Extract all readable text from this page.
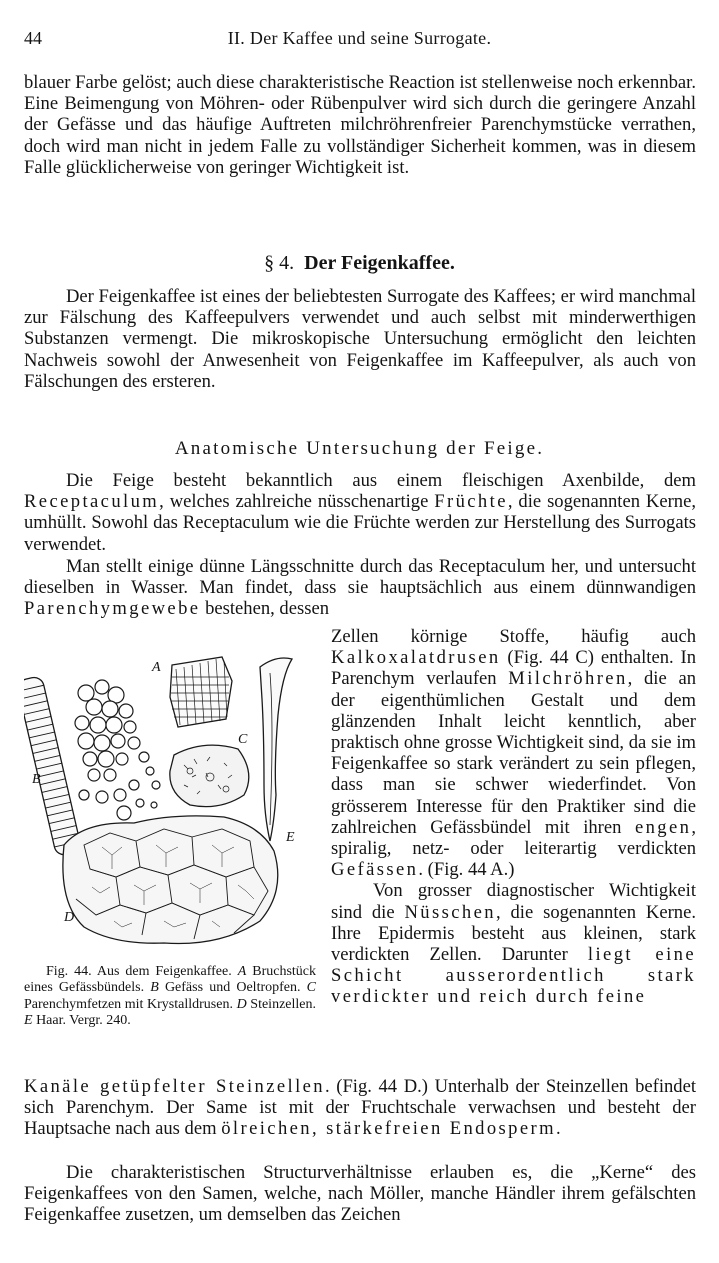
44	II. Der Kaffee und seine Surrogate.

blauer Farbe gelöst; auch diese charakteristische Reaction ist stellenweise noch erkennbar. Eine Beimengung von Möhren- oder Rübenpulver wird sich durch die geringere Anzahl der Gefässe und das häufige Auftreten milchröhrenfreier Parenchymstücke verrathen, doch wird man nicht in jedem Falle zu vollständiger Sicherheit kommen, was in diesem Falle glücklicherweise von geringer Wichtigkeit ist.

§ 4. Der Feigenkaffee.

Der Feigenkaffee ist eines der beliebtesten Surrogate des Kaffees; er wird manchmal zur Fälschung des Kaffeepulvers verwendet und auch selbst mit minderwerthigen Substanzen vermengt. Die mikroskopische Untersuchung ermöglicht den leichten Nachweis sowohl der Anwesenheit von Feigenkaffee im Kaffeepulver, als auch von Fälschungen des ersteren.

Anatomische Untersuchung der Feige.

Die Feige besteht bekanntlich aus einem fleischigen Axenbilde, dem Receptaculum, welches zahlreiche nüsschenartige Früchte, die sogenannten Kerne, umhüllt. Sowohl das Receptaculum wie die Früchte werden zur Herstellung des Surrogats verwendet.

Man stellt einige dünne Längsschnitte durch das Receptaculum her, und untersucht dieselben in Wasser. Man findet, dass sie hauptsächlich aus einem dünnwandigen Parenchymgewebe bestehen, dessen

Zellen körnige Stoffe, häufig auch Kalkoxalatdrusen (Fig. 44 C) enthalten. In Parenchym verlaufen Milchröhren, die an der eigenthümlichen Gestalt und dem glänzenden Inhalt leicht kenntlich, aber praktisch ohne grosse Wichtigkeit sind, da sie im Feigenkaffee so stark verändert zu sein pflegen, dass man sie schwer wiederfindet. Von grösserem Interesse für den Praktiker sind die zahlreichen Gefässbündel mit ihren engen, spiralig, netz- oder leiterartig verdickten Gefässen. (Fig. 44 A.)
Von grosser diagnostischer Wichtigkeit sind die Nüsschen, die sogenannten Kerne. Ihre Epidermis besteht aus kleinen, stark verdickten Zellen. Darunter liegt eine Schicht ausserordentlich stark verdickter und reich durch feine

A
B
C
D
E

Fig. 44. Aus dem Feigenkaffee. A Bruchstück eines Gefässbündels. B Gefäss und Oeltropfen. C Parenchymfetzen mit Krystalldrusen. D Steinzellen. E Haar. Vergr. 240.

Kanäle getüpfelter Steinzellen. (Fig. 44 D.) Unterhalb der Steinzellen befindet sich Parenchym. Der Same ist mit der Fruchtschale verwachsen und besteht der Hauptsache nach aus dem ölreichen, stärkefreien Endosperm.

Die charakteristischen Structurverhältnisse erlauben es, die „Kerne“ des Feigenkaffees von den Samen, welche, nach Möller, manche Händler ihrem gefälschten Feigenkaffee zusetzen, um demselben das Zeichen
